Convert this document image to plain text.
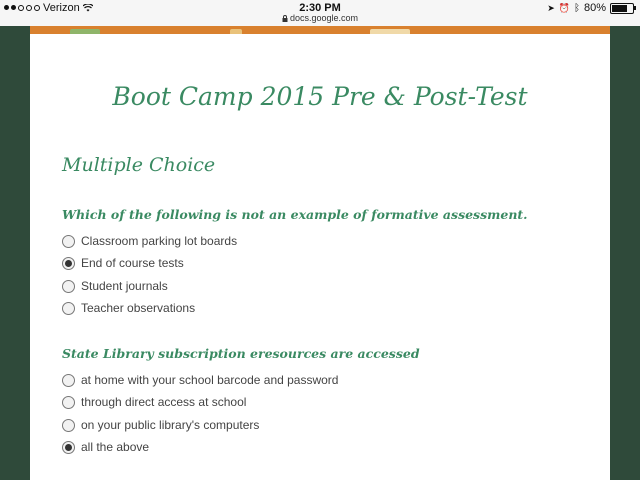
Verizon	2:30 PM
docs.google.com
➤ ⏰ ᛒ 80%
Boot Camp 2015 Pre & Post-Test
Multiple Choice
Which of the following is not an example of formative assessment.
Classroom parking lot boards
End of course tests
Student journals
Teacher observations
State Library subscription eresources are accessed
at home with your school barcode and password
through direct access at school
on your public library's computers
all the above
